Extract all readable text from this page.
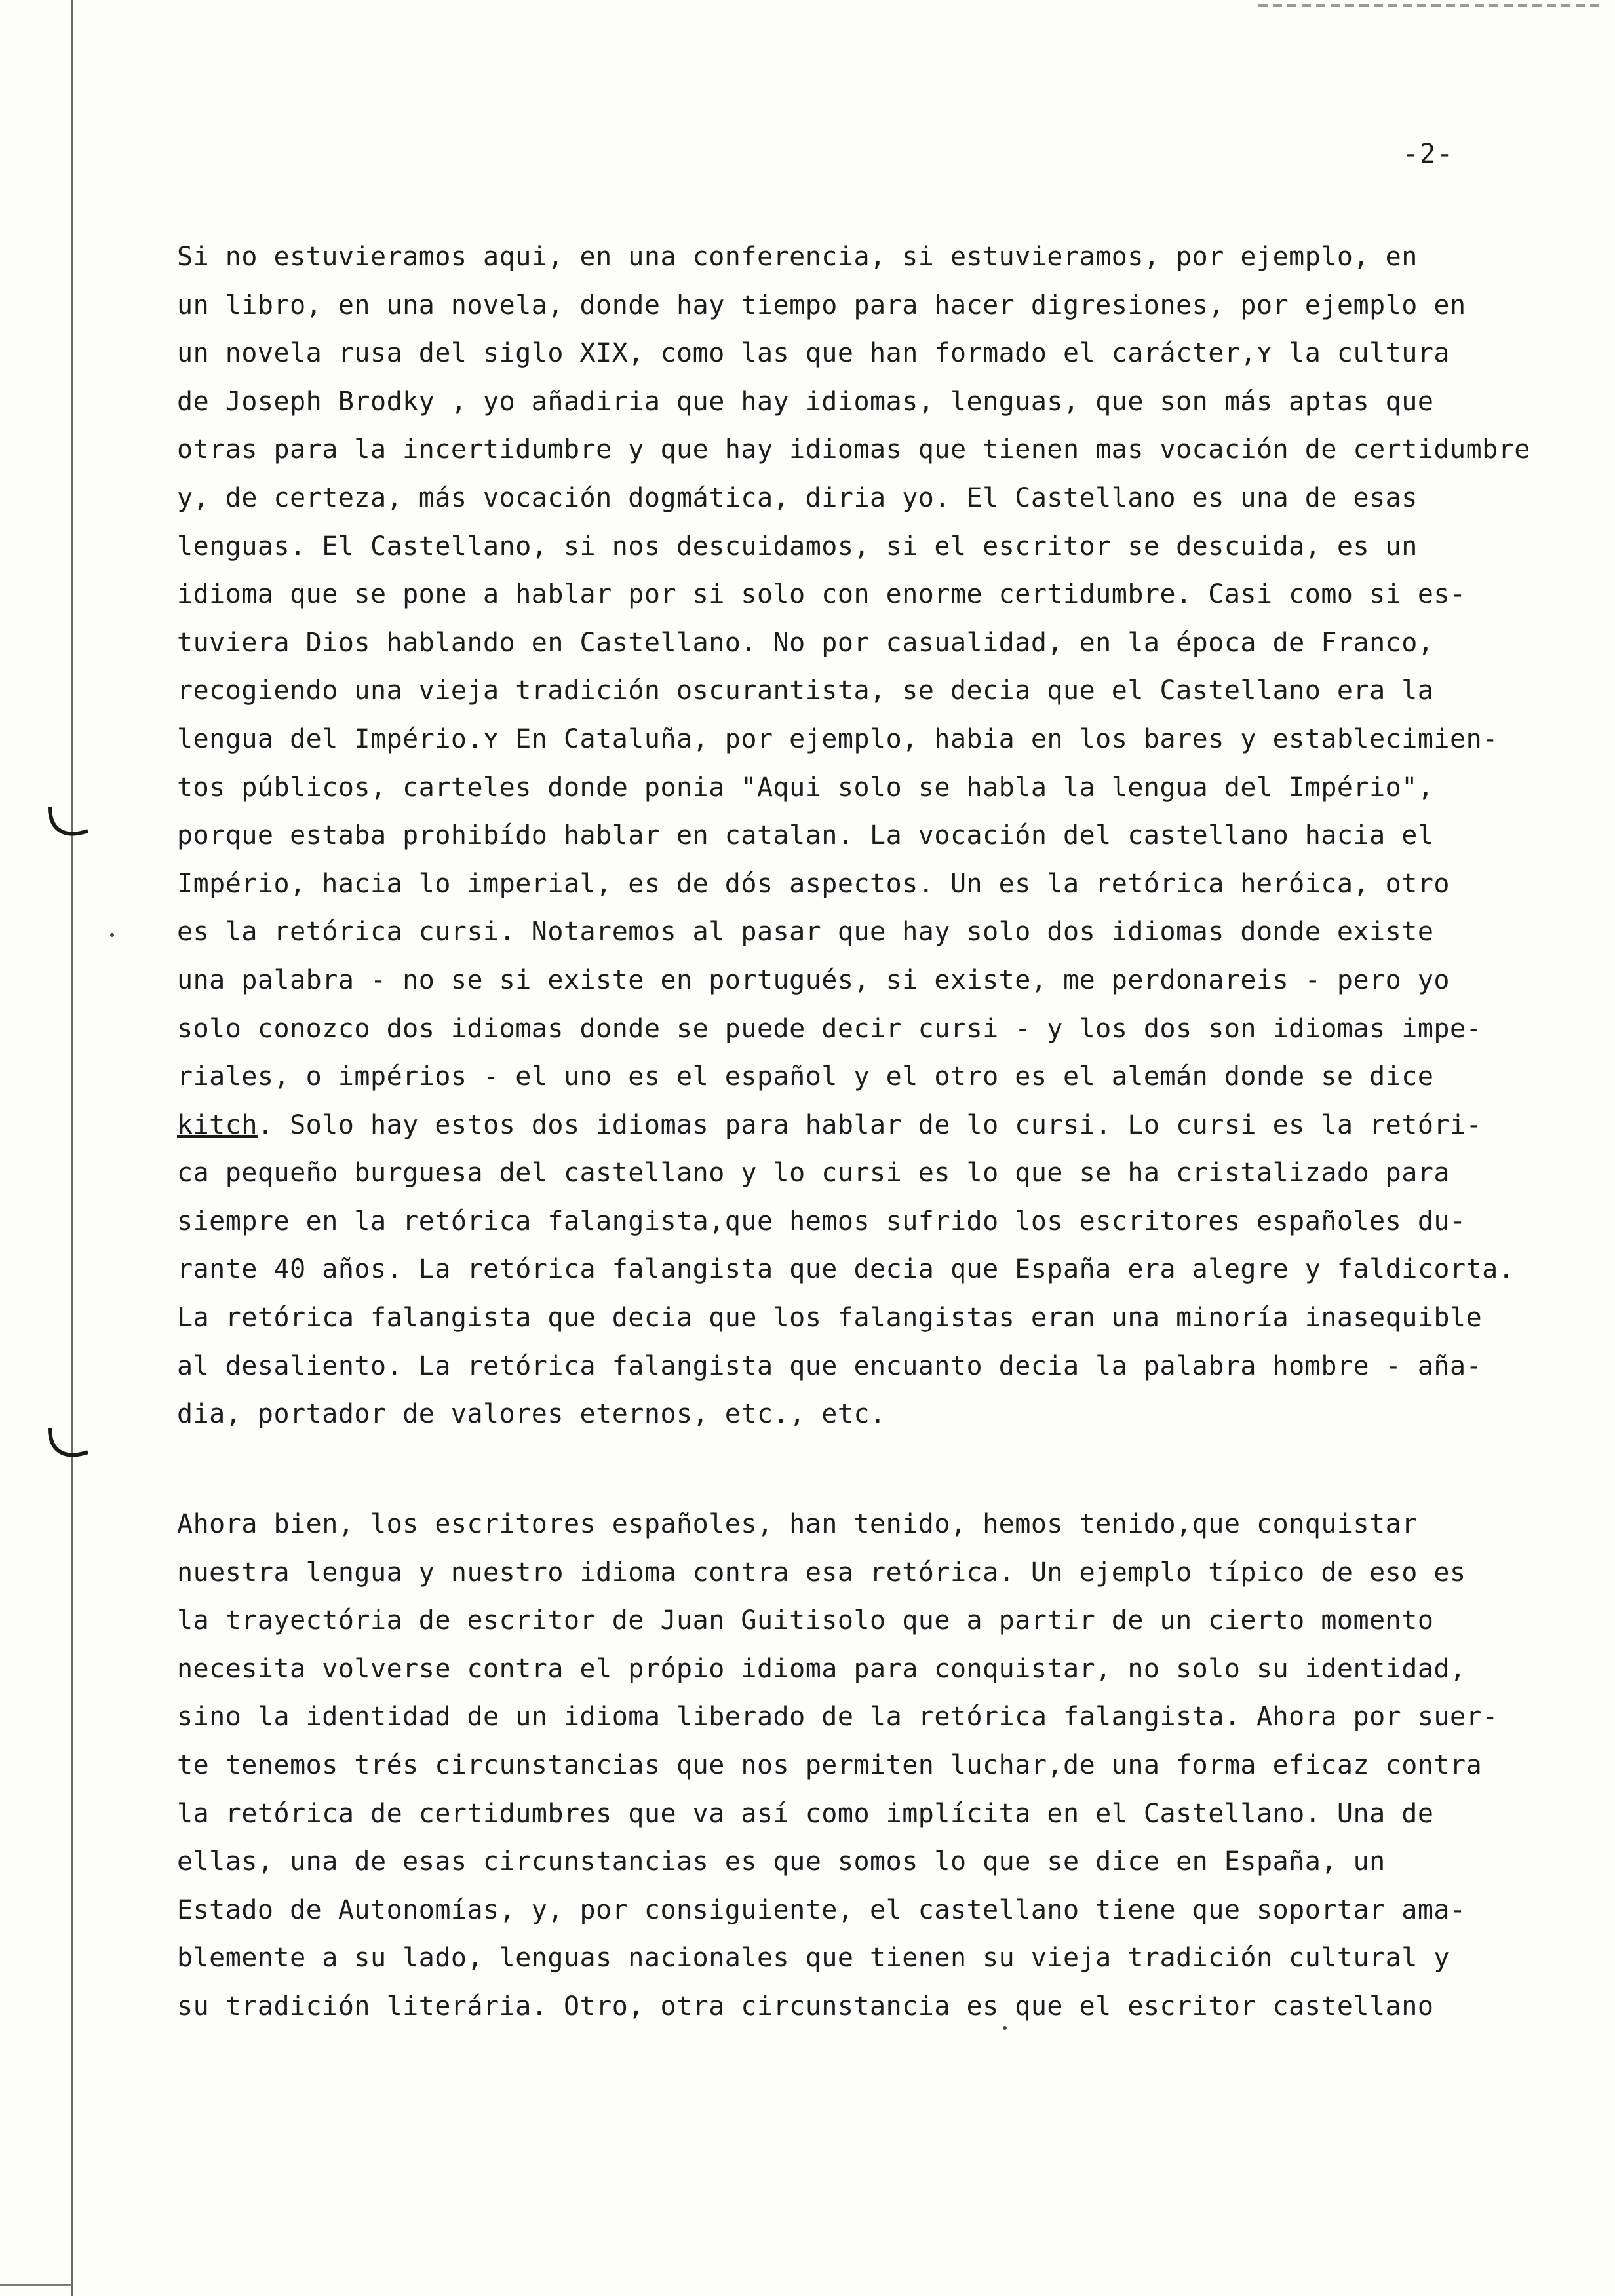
-2-
Si no estuvieramos aqui, en una conferencia, si estuvieramos, por ejemplo, en
un libro, en una novela, donde hay tiempo para hacer digresiones, por ejemplo en
un novela rusa del siglo XIX, como las que han formado el carácter,ʏ la cultura
de Joseph Brodky , yo añadiria que hay idiomas, lenguas, que son más aptas que
otras para la incertidumbre y que hay idiomas que tienen mas vocación de certidumbre
y, de certeza, más vocación dogmática, diria yo. El Castellano es una de esas
lenguas. El Castellano, si nos descuidamos, si el escritor se descuida, es un
idioma que se pone a hablar por si solo con enorme certidumbre. Casi como si es-
tuviera Dios hablando en Castellano. No por casualidad, en la época de Franco,
recogiendo una vieja tradición oscurantista, se decia que el Castellano era la
lengua del Império.ʏ En Cataluña, por ejemplo, habia en los bares y establecimien-
tos públicos, carteles donde ponia "Aqui solo se habla la lengua del Império",
porque estaba prohibído hablar en catalan. La vocación del castellano hacia el
Império, hacia lo imperial, es de dós aspectos. Un es la retórica heróica, otro
es la retórica cursi. Notaremos al pasar que hay solo dos idiomas donde existe
una palabra - no se si existe en portugués, si existe, me perdonareis - pero yo
solo conozco dos idiomas donde se puede decir cursi - y los dos son idiomas impe-
riales, o impérios - el uno es el español y el otro es el alemán donde se dice
kitch. Solo hay estos dos idiomas para hablar de lo cursi. Lo cursi es la retóri-
ca pequeño burguesa del castellano y lo cursi es lo que se ha cristalizado para
siempre en la retórica falangista,que hemos sufrido los escritores españoles du-
rante 40 años. La retórica falangista que decia que España era alegre y faldicorta.
La retórica falangista que decia que los falangistas eran una minoría inasequible
al desaliento. La retórica falangista que encuanto decia la palabra hombre - aña-
dia, portador de valores eternos, etc., etc.
Ahora bien, los escritores españoles, han tenido, hemos tenido,que conquistar
nuestra lengua y nuestro idioma contra esa retórica. Un ejemplo típico de eso es
la trayectória de escritor de Juan Guitisolo que a partir de un cierto momento
necesita volverse contra el própio idioma para conquistar, no solo su identidad,
sino la identidad de un idioma liberado de la retórica falangista. Ahora por suer-
te tenemos trés circunstancias que nos permiten luchar,de una forma eficaz contra
la retórica de certidumbres que va así como implícita en el Castellano. Una de
ellas, una de esas circunstancias es que somos lo que se dice en España, un
Estado de Autonomías, y, por consiguiente, el castellano tiene que soportar ama-
blemente a su lado, lenguas nacionales que tienen su vieja tradición cultural y
su tradición literária. Otro, otra circunstancia es que el escritor castellano
